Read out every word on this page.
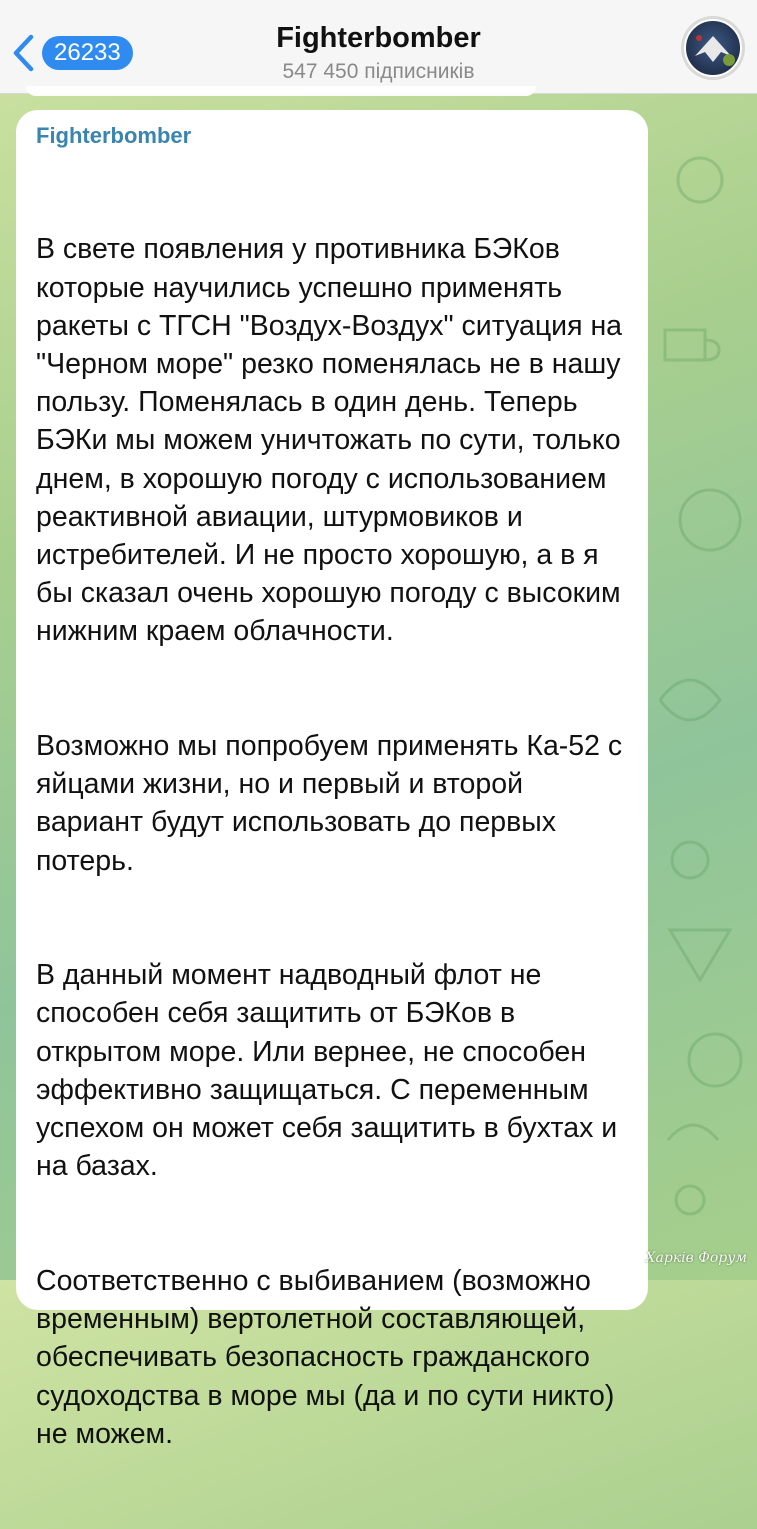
26233	Fighterbomber
547 450 підписників
Fighterbomber

В свете появления у противника БЭКов которые научились успешно применять ракеты с ТГСН "Воздух-Воздух" ситуация на "Черном море" резко поменялась не в нашу пользу. Поменялась в один день. Теперь БЭКи мы можем уничтожать по сути, только днем, в хорошую погоду с использованием реактивной авиации, штурмовиков и истребителей. И не просто хорошую, а в я бы сказал очень хорошую погоду с высоким нижним краем облачности.

Возможно мы попробуем применять Ка-52 с яйцами жизни, но и первый и второй вариант будут использовать до первых потерь.

В данный момент надводный флот не способен себя защитить от БЭКов в открытом море. Или вернее, не способен эффективно защищаться. С переменным успехом он может себя защитить в бухтах и на базах.

Соответственно с выбиванием (возможно временным) вертолетной составляющей, обеспечивать безопасность гражданского судоходства в море мы (да и по сути никто) не можем.

Харків Форум
